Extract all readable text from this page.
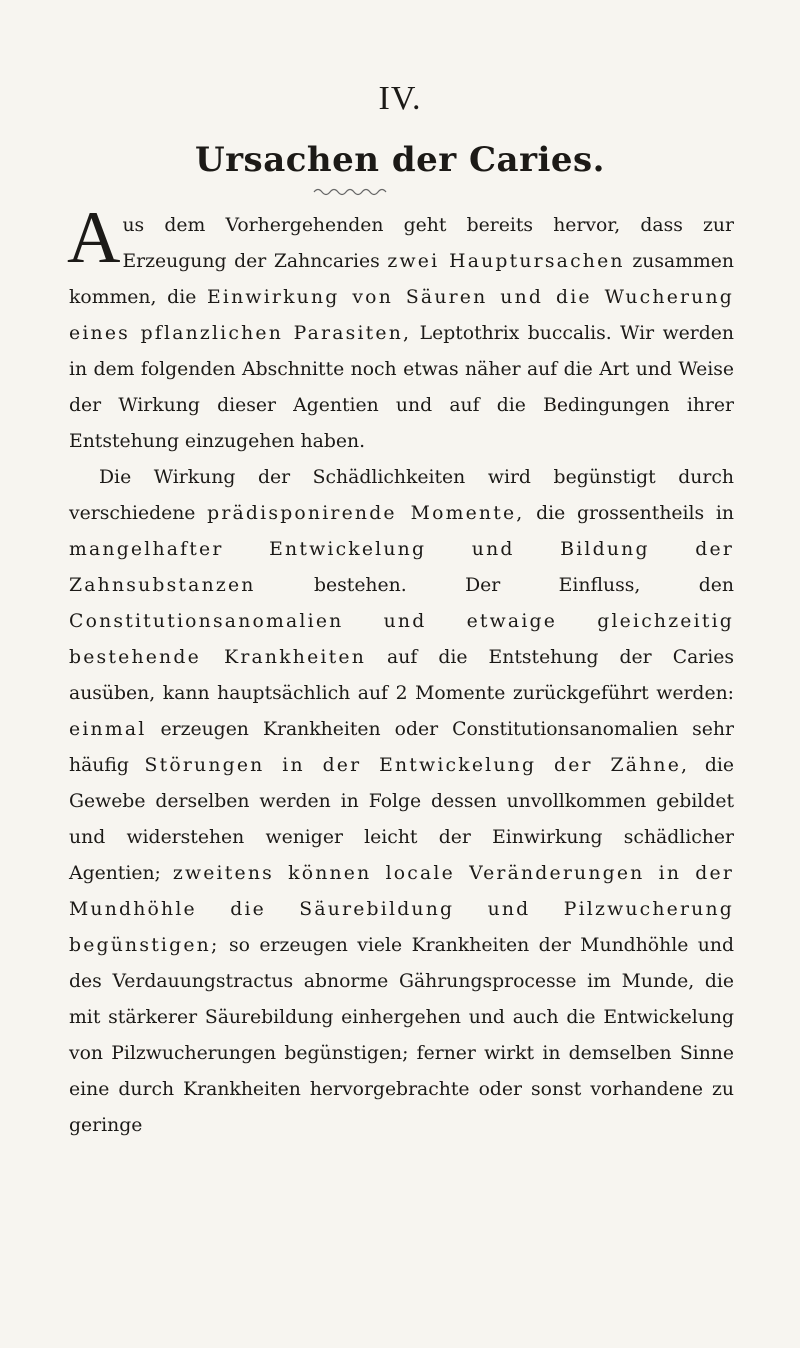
IV.
Ursachen der Caries.

Aus dem Vorhergehenden geht bereits hervor, dass zur Erzeugung der Zahncaries zwei Hauptursachen zusammen kommen, die Einwirkung von Säuren und die Wucherung eines pflanzlichen Parasiten, Leptothrix buccalis. Wir werden in dem folgenden Abschnitte noch etwas näher auf die Art und Weise der Wirkung dieser Agentien und auf die Bedingungen ihrer Entstehung einzugehen haben.

Die Wirkung der Schädlichkeiten wird begünstigt durch verschiedene prädisponirende Momente, die grossentheils in mangelhafter Entwickelung und Bildung der Zahnsubstanzen bestehen. Der Einfluss, den Constitutionsanomalien und etwaige gleichzeitig bestehende Krankheiten auf die Entstehung der Caries ausüben, kann hauptsächlich auf 2 Momente zurückgeführt werden: einmal erzeugen Krankheiten oder Constitutionsanomalien sehr häufig Störungen in der Entwickelung der Zähne, die Gewebe derselben werden in Folge dessen unvollkommen gebildet und widerstehen weniger leicht der Einwirkung schädlicher Agentien; zweitens können locale Veränderungen in der Mundhöhle die Säurebildung und Pilzwucherung begünstigen; so erzeugen viele Krankheiten der Mundhöhle und des Verdauungstractus abnorme Gährungsprocesse im Munde, die mit stärkerer Säurebildung einhergehen und auch die Entwickelung von Pilzwucherungen begünstigen; ferner wirkt in demselben Sinne eine durch Krankheiten hervorgebrachte oder sonst vorhandene zu geringe
